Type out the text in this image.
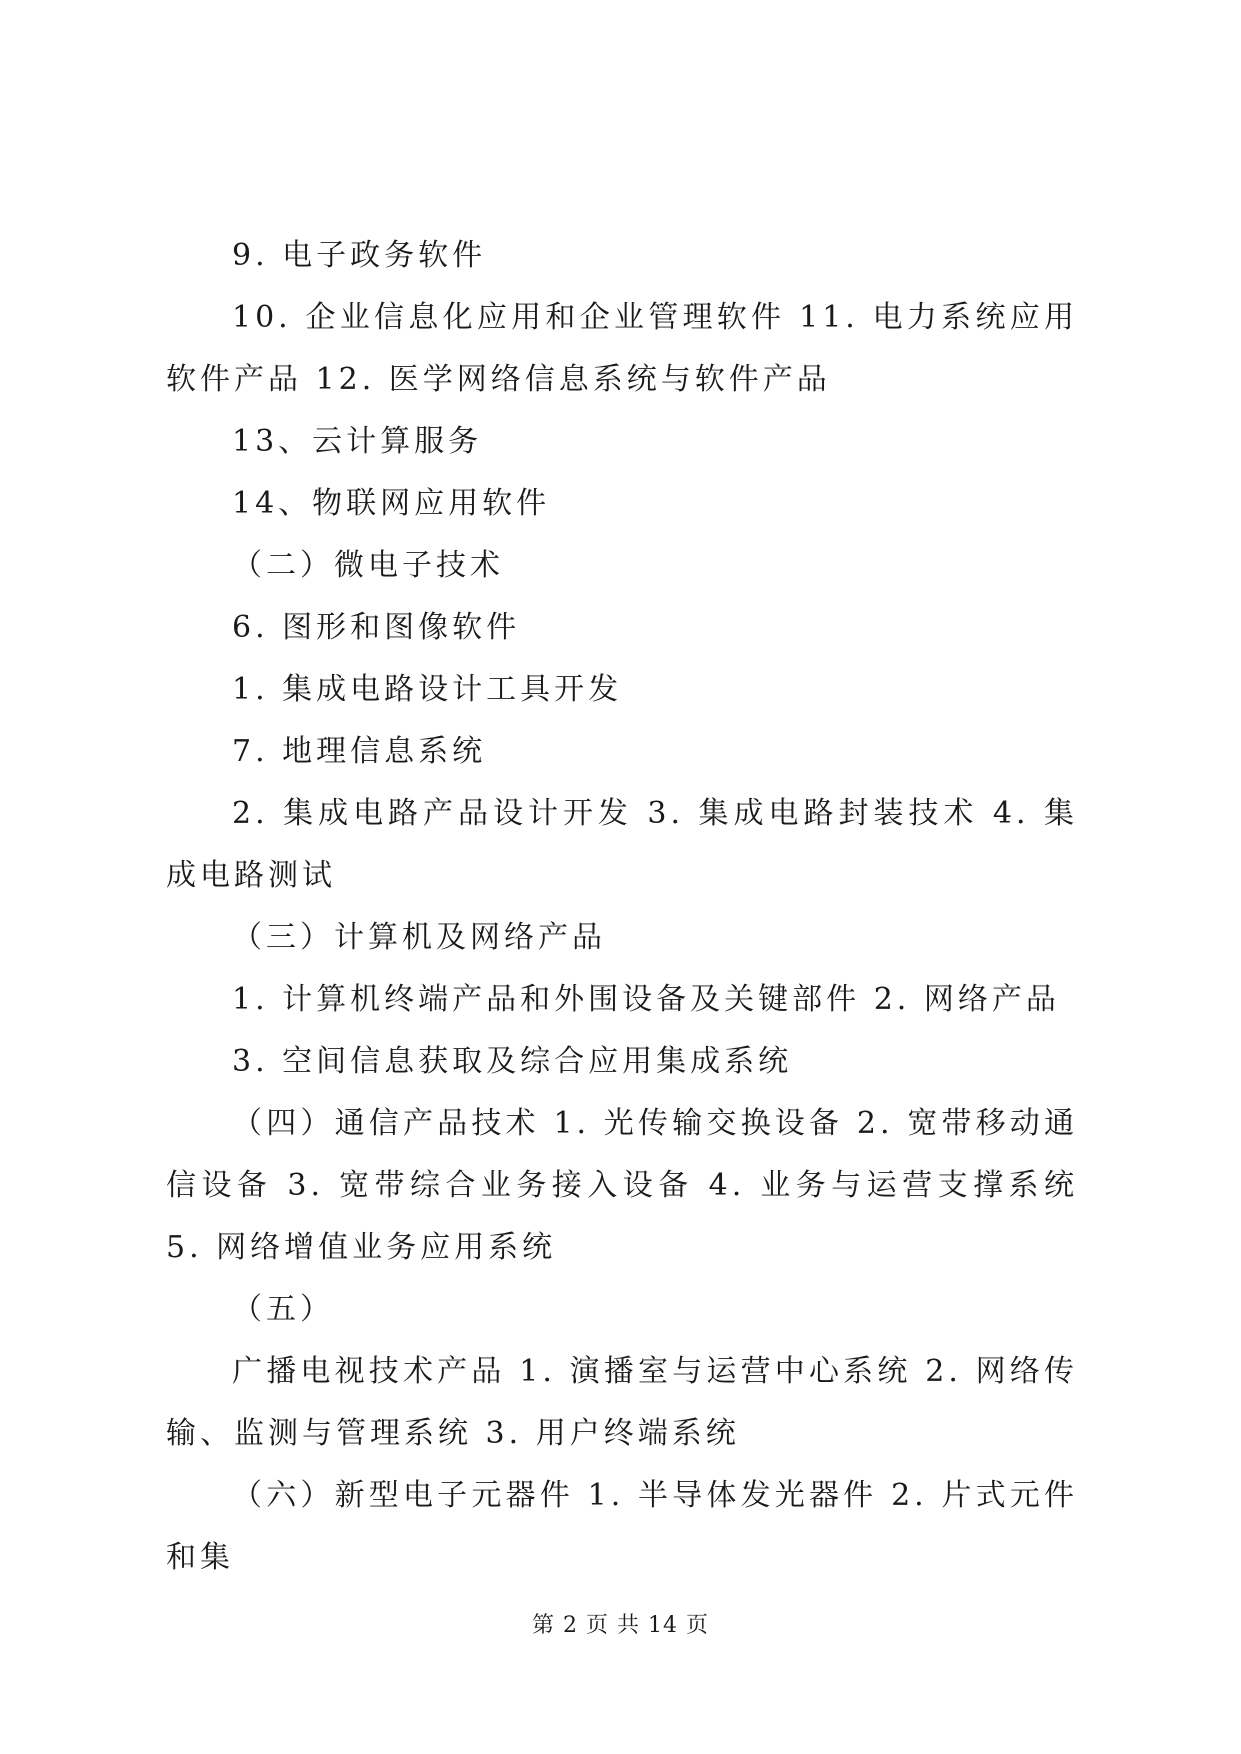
9. 电子政务软件

10. 企业信息化应用和企业管理软件 11. 电力系统应用软件产品 12. 医学网络信息系统与软件产品

13、云计算服务

14、物联网应用软件

（二）微电子技术

6. 图形和图像软件

1. 集成电路设计工具开发

7. 地理信息系统

2. 集成电路产品设计开发 3. 集成电路封装技术 4. 集成电路测试

（三）计算机及网络产品

1. 计算机终端产品和外围设备及关键部件 2. 网络产品

3. 空间信息获取及综合应用集成系统

（四）通信产品技术 1. 光传输交换设备 2. 宽带移动通信设备 3. 宽带综合业务接入设备 4. 业务与运营支撑系统 5. 网络增值业务应用系统

（五）

广播电视技术产品 1. 演播室与运营中心系统 2. 网络传输、监测与管理系统 3. 用户终端系统

（六）新型电子元器件 1. 半导体发光器件 2. 片式元件和集

第 2 页 共 14 页
